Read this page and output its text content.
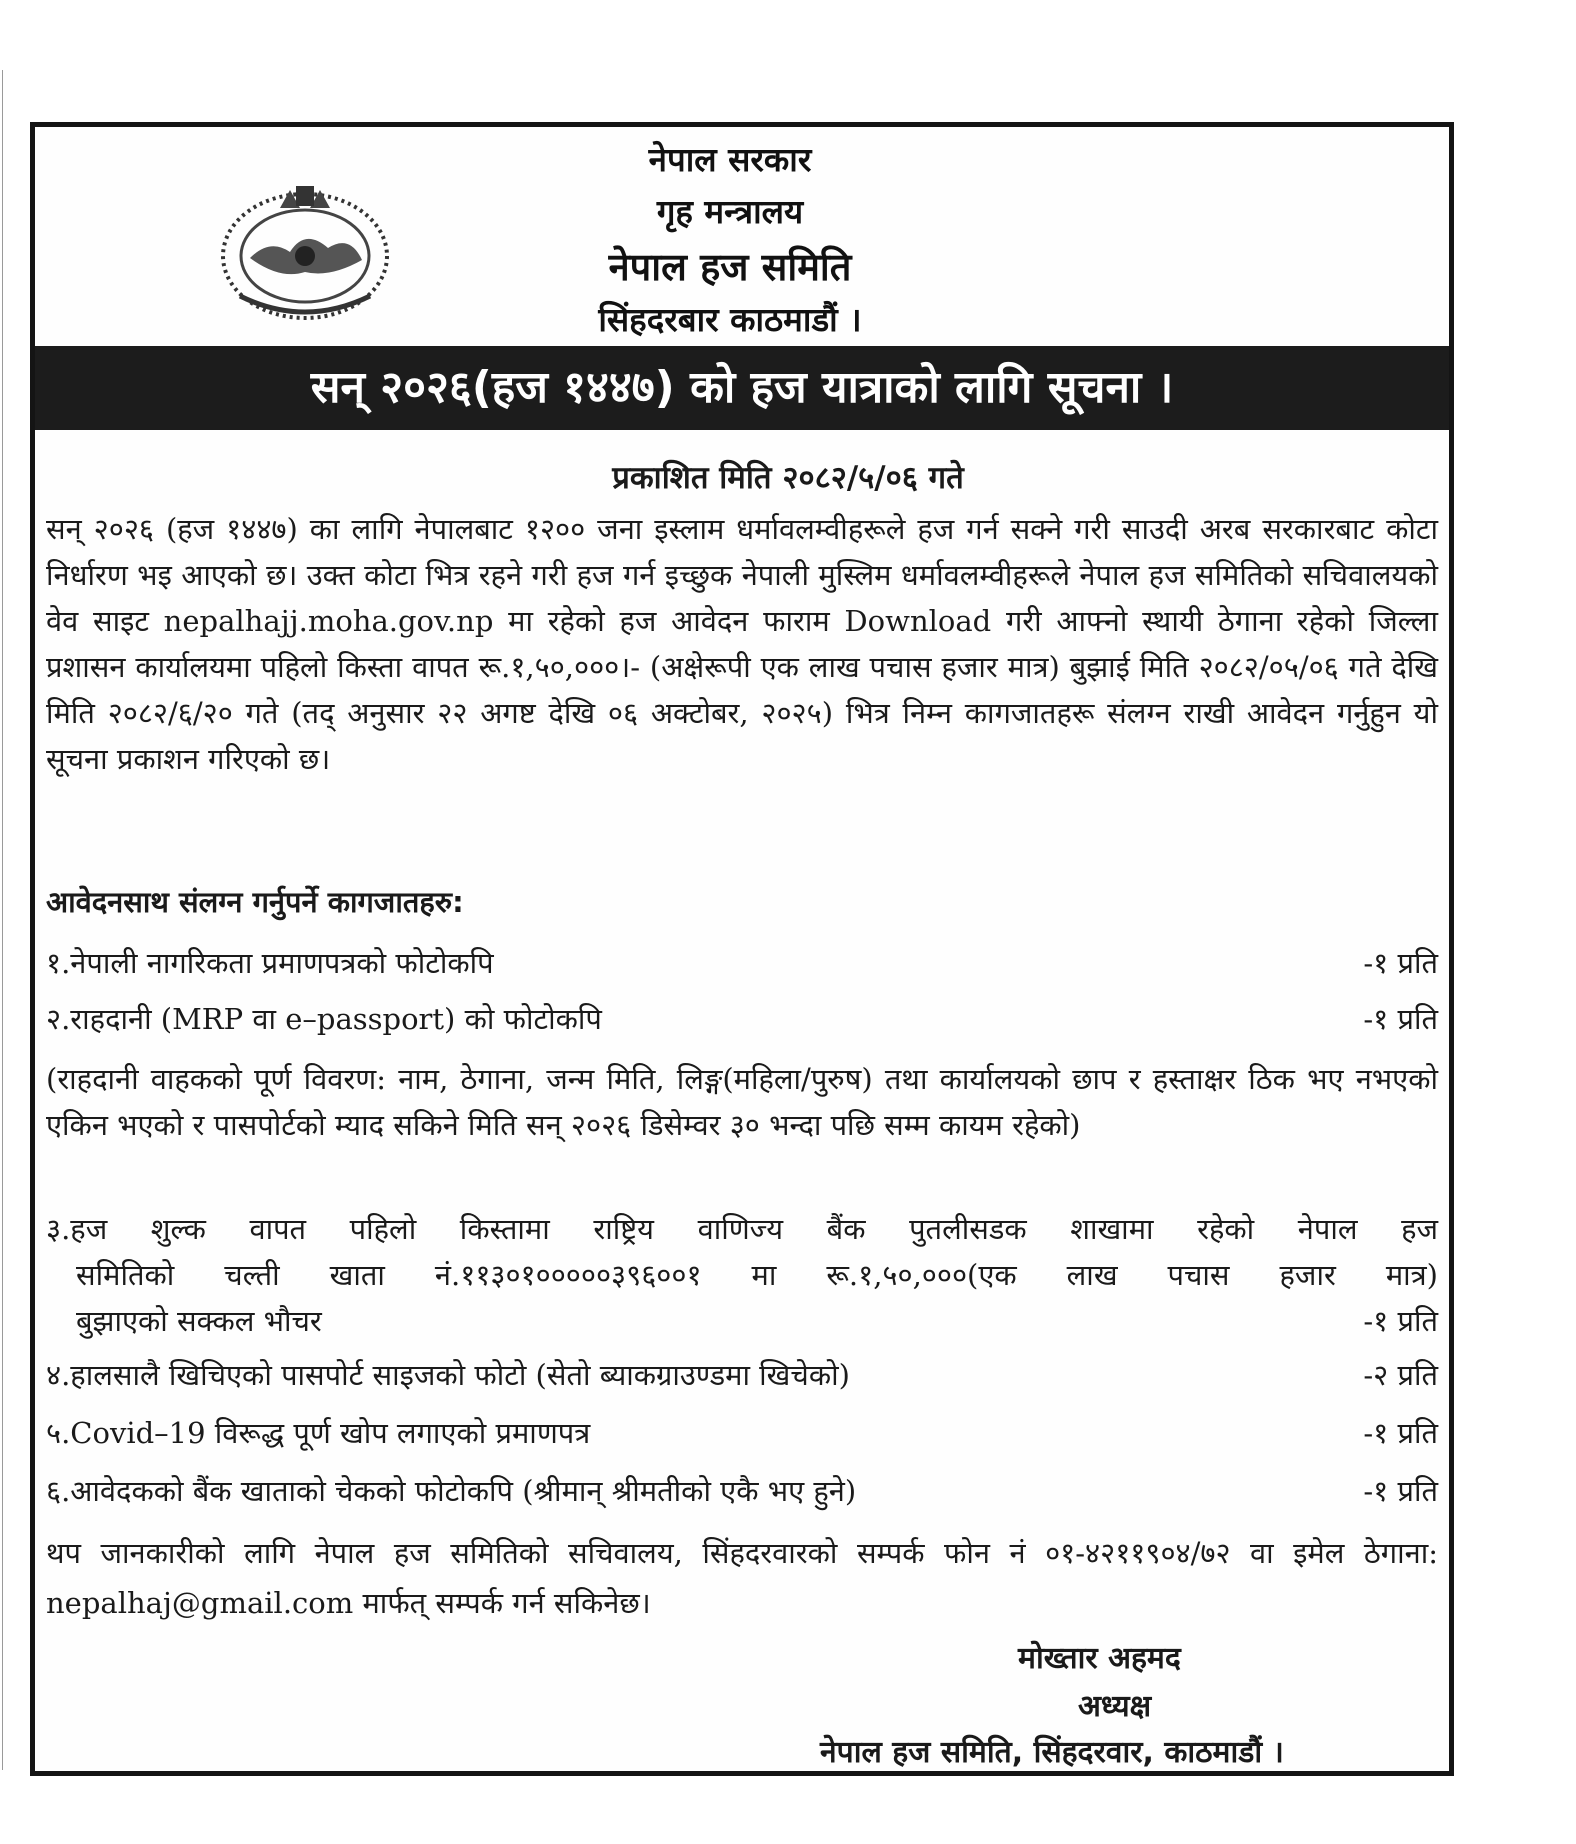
नेपाल सरकार
गृह मन्त्रालय
नेपाल हज समिति
सिंहदरबार काठमाडौं ।
सन् २०२६(हज १४४७) को हज यात्राको लागि सूचना ।
प्रकाशित मिति २०८२/५/०६ गते
सन् २०२६ (हज १४४७) का लागि नेपालबाट १२०० जना इस्लाम धर्मावलम्वीहरूले हज गर्न सक्ने गरी साउदी अरब सरकारबाट कोटा निर्धारण भइ आएको छ। उक्त कोटा भित्र रहने गरी हज गर्न इच्छुक नेपाली मुस्लिम धर्मावलम्वीहरूले नेपाल हज समितिको सचिवालयको वेव साइट nepalhajj.moha.gov.np मा रहेको हज आवेदन फाराम Download गरी आफ्नो स्थायी ठेगाना रहेको जिल्ला प्रशासन कार्यालयमा पहिलो किस्ता वापत रू.१,५०,०००।- (अक्षेरूपी एक लाख पचास हजार मात्र) बुझाई मिति २०८२/०५/०६ गते देखि मिति २०८२/६/२० गते (तद् अनुसार २२ अगष्ट देखि ०६ अक्टोबर, २०२५) भित्र निम्न कागजातहरू संलग्न राखी आवेदन गर्नुहुन यो सूचना प्रकाशन गरिएको छ।
आवेदनसाथ संलग्न गर्नुपर्ने कागजातहरु:
१.नेपाली नागरिकता प्रमाणपत्रको फोटोकपि	-१ प्रति
२.राहदानी (MRP वा e–passport) को फोटोकपि	-१ प्रति
(राहदानी वाहकको पूर्ण विवरण: नाम, ठेगाना, जन्म मिति, लिङ्ग(महिला/पुरुष) तथा कार्यालयको छाप र हस्ताक्षर ठिक भए नभएको एकिन भएको र पासपोर्टको म्याद सकिने मिति सन् २०२६ डिसेम्वर ३० भन्दा पछि सम्म कायम रहेको)
३.हज शुल्क वापत पहिलो किस्तामा राष्ट्रिय वाणिज्य बैंक पुतलीसडक शाखामा रहेको नेपाल हज
समितिको चल्ती खाता नं.११३०१०००००३९६००१ मा रू.१,५०,०००(एक लाख पचास हजार मात्र)
बुझाएको सक्कल भौचर	-१ प्रति
४.हालसालै खिचिएको पासपोर्ट साइजको फोटो (सेतो ब्याकग्राउण्डमा खिचेको)	-२ प्रति
५.Covid–19 विरूद्ध पूर्ण खोप लगाएको प्रमाणपत्र	-१ प्रति
६.आवेदकको बैंक खाताको चेकको फोटोकपि (श्रीमान् श्रीमतीको एकै भए हुने)	-१ प्रति
थप जानकारीको लागि नेपाल हज समितिको सचिवालय, सिंहदरवारको सम्पर्क फोन नं ०१-४२११९०४/७२ वा इमेल ठेगाना: nepalhaj@gmail.com मार्फत् सम्पर्क गर्न सकिनेछ।
मोख्तार अहमद
अध्यक्ष
नेपाल हज समिति, सिंहदरवार, काठमाडौं ।
